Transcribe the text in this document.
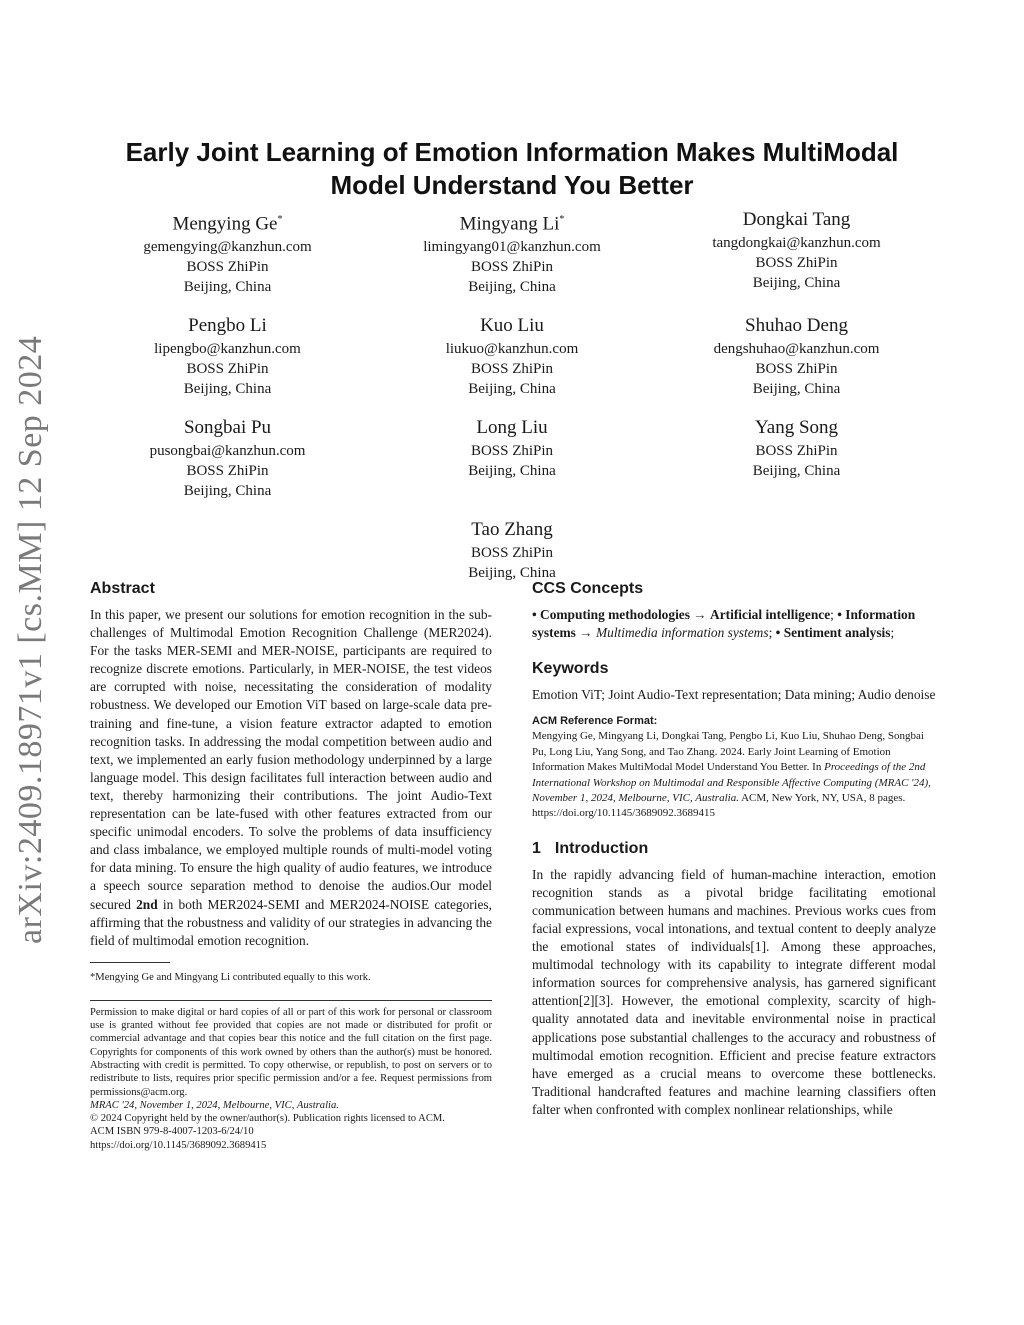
arXiv:2409.18971v1 [cs.MM] 12 Sep 2024
Early Joint Learning of Emotion Information Makes MultiModal
Model Understand You Better
Mengying Ge*
gemengying@kanzhun.com
BOSS ZhiPin
Beijing, China
Mingyang Li*
limingyang01@kanzhun.com
BOSS ZhiPin
Beijing, China
Dongkai Tang
tangdongkai@kanzhun.com
BOSS ZhiPin
Beijing, China
Pengbo Li
lipengbo@kanzhun.com
BOSS ZhiPin
Beijing, China
Kuo Liu
liukuo@kanzhun.com
BOSS ZhiPin
Beijing, China
Shuhao Deng
dengshuhao@kanzhun.com
BOSS ZhiPin
Beijing, China
Songbai Pu
pusongbai@kanzhun.com
BOSS ZhiPin
Beijing, China
Long Liu
BOSS ZhiPin
Beijing, China
Yang Song
BOSS ZhiPin
Beijing, China
Tao Zhang
BOSS ZhiPin
Beijing, China
Abstract

In this paper, we present our solutions for emotion recognition in the sub-challenges of Multimodal Emotion Recognition Challenge (MER2024). For the tasks MER-SEMI and MER-NOISE, participants are required to recognize discrete emotions. Particularly, in MER-NOISE, the test videos are corrupted with noise, necessitating the consideration of modality robustness. We developed our Emotion ViT based on large-scale data pre-training and fine-tune, a vision feature extractor adapted to emotion recognition tasks. In addressing the modal competition between audio and text, we implemented an early fusion methodology underpinned by a large language model. This design facilitates full interaction between audio and text, thereby harmonizing their contributions. The joint Audio-Text representation can be late-fused with other features extracted from our specific unimodal encoders. To solve the problems of data insufficiency and class imbalance, we employed multiple rounds of multi-model voting for data mining. To ensure the high quality of audio features, we introduce a speech source separation method to denoise the audios.Our model secured 2nd in both MER2024-SEMI and MER2024-NOISE categories, affirming that the robustness and validity of our strategies in advancing the field of multimodal emotion recognition.

*Mengying Ge and Mingyang Li contributed equally to this work.

Permission to make digital or hard copies of all or part of this work for personal or classroom use is granted without fee provided that copies are not made or distributed for profit or commercial advantage and that copies bear this notice and the full citation on the first page. Copyrights for components of this work owned by others than the author(s) must be honored. Abstracting with credit is permitted. To copy otherwise, or republish, to post on servers or to redistribute to lists, requires prior specific permission and/or a fee. Request permissions from permissions@acm.org.

MRAC '24, November 1, 2024, Melbourne, VIC, Australia.

© 2024 Copyright held by the owner/author(s). Publication rights licensed to ACM.

ACM ISBN 979-8-4007-1203-6/24/10

https://doi.org/10.1145/3689092.3689415

CCS Concepts

• Computing methodologies → Artificial intelligence; • Information systems → Multimedia information systems; • Sentiment analysis;

Keywords

Emotion ViT; Joint Audio-Text representation; Data mining; Audio denoise

ACM Reference Format:

Mengying Ge, Mingyang Li, Dongkai Tang, Pengbo Li, Kuo Liu, Shuhao Deng, Songbai Pu, Long Liu, Yang Song, and Tao Zhang. 2024. Early Joint Learning of Emotion Information Makes MultiModal Model Understand You Better. In Proceedings of the 2nd International Workshop on Multimodal and Responsible Affective Computing (MRAC '24), November 1, 2024, Melbourne, VIC, Australia. ACM, New York, NY, USA, 8 pages. https://doi.org/10.1145/3689092.3689415

1 Introduction

In the rapidly advancing field of human-machine interaction, emotion recognition stands as a pivotal bridge facilitating emotional communication between humans and machines. Previous works cues from facial expressions, vocal intonations, and textual content to deeply analyze the emotional states of individuals[1]. Among these approaches, multimodal technology with its capability to integrate different modal information sources for comprehensive analysis, has garnered significant attention[2][3]. However, the emotional complexity, scarcity of high-quality annotated data and inevitable environmental noise in practical applications pose substantial challenges to the accuracy and robustness of multimodal emotion recognition. Efficient and precise feature extractors have emerged as a crucial means to overcome these bottlenecks. Traditional handcrafted features and machine learning classifiers often falter when confronted with complex nonlinear relationships, while
